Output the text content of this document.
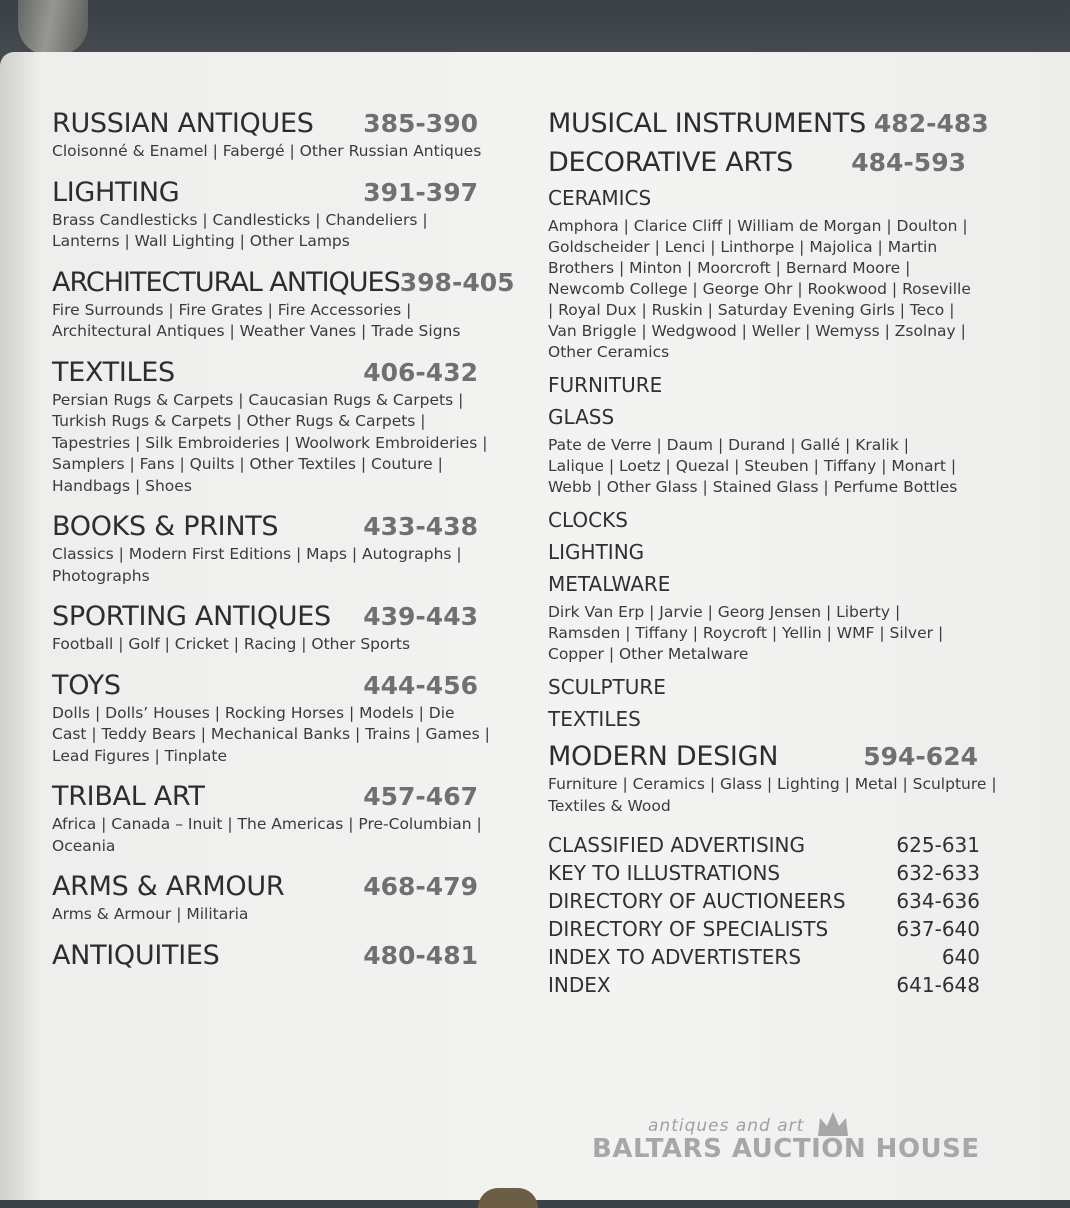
RUSSIAN ANTIQUES 385-390
Cloisonné & Enamel | Fabergé | Other Russian Antiques
LIGHTING	391-397
Brass Candlesticks | Candlesticks | Chandeliers | Lanterns | Wall Lighting | Other Lamps
ARCHITECTURAL ANTIQUES 398-405
Fire Surrounds | Fire Grates | Fire Accessories | Architectural Antiques | Weather Vanes | Trade Signs
TEXTILES	406-432
Persian Rugs & Carpets | Caucasian Rugs & Carpets | Turkish Rugs & Carpets | Other Rugs & Carpets | Tapestries | Silk Embroideries | Woolwork Embroideries | Samplers | Fans | Quilts | Other Textiles | Couture | Handbags | Shoes
BOOKS & PRINTS	433-438
Classics | Modern First Editions | Maps | Autographs | Photographs
SPORTING ANTIQUES 439-443
Football | Golf | Cricket | Racing | Other Sports
TOYS	444-456
Dolls | Dolls’ Houses | Rocking Horses | Models | Die Cast | Teddy Bears | Mechanical Banks | Trains | Games | Lead Figures | Tinplate
TRIBAL ART	457-467
Africa | Canada – Inuit | The Americas | Pre-Columbian | Oceania
ARMS & ARMOUR	468-479
Arms & Armour | Militaria
ANTIQUITIES	480-481
MUSICAL INSTRUMENTS 482-483
DECORATIVE ARTS 484-593
CERAMICS
Amphora | Clarice Cliff | William de Morgan | Doulton | Goldscheider | Lenci | Linthorpe | Majolica | Martin Brothers | Minton | Moorcroft | Bernard Moore | Newcomb College | George Ohr | Rookwood | Roseville | Royal Dux | Ruskin | Saturday Evening Girls | Teco | Van Briggle | Wedgwood | Weller | Wemyss | Zsolnay | Other Ceramics
FURNITURE
GLASS
Pate de Verre | Daum | Durand | Gallé | Kralik | Lalique | Loetz | Quezal | Steuben | Tiffany | Monart | Webb | Other Glass | Stained Glass | Perfume Bottles
CLOCKS
LIGHTING
METALWARE
Dirk Van Erp | Jarvie | Georg Jensen | Liberty | Ramsden | Tiffany | Roycroft | Yellin | WMF | Silver | Copper | Other Metalware
SCULPTURE
TEXTILES
MODERN DESIGN	594-624
Furniture | Ceramics | Glass | Lighting | Metal | Sculpture | Textiles & Wood
CLASSIFIED ADVERTISING	625-631
KEY TO ILLUSTRATIONS	632-633
DIRECTORY OF AUCTIONEERS	634-636
DIRECTORY OF SPECIALISTS	637-640
INDEX TO ADVERTISTERS	640
INDEX	641-648
antiques and art
BALTARS AUCTION HOUSE
